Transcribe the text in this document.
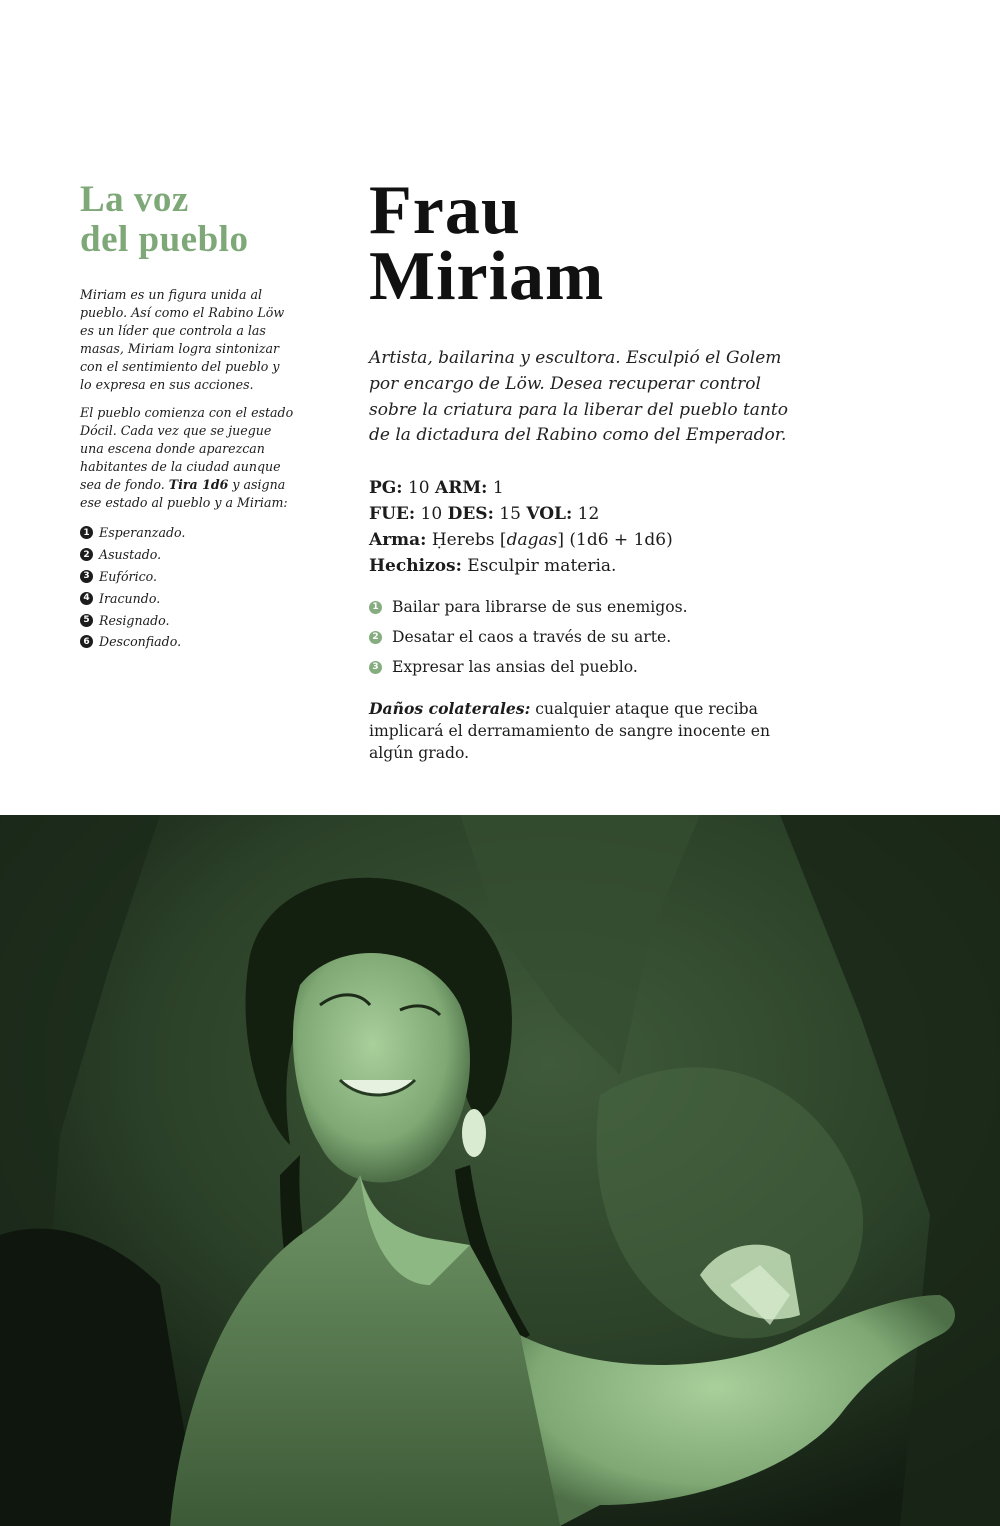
La voz
del pueblo

Miriam es un figura unida al pueblo. Así como el Rabino Löw es un líder que controla a las masas, Miriam logra sintonizar con el sentimiento del pueblo y lo expresa en sus acciones.

El pueblo comienza con el estado Dócil. Cada vez que se juegue una escena donde aparezcan habitantes de la ciudad aunque sea de fondo. Tira 1d6 y asigna ese estado al pueblo y a Miriam:

1 Esperanzado.
2 Asustado.
3 Eufórico.
4 Iracundo.
5 Resignado.
6 Desconfiado.
Frau
Miriam

Artista, bailarina y escultora. Esculpió el Golem por encargo de Löw. Desea recuperar control sobre la criatura para la liberar del pueblo tanto de la dictadura del Rabino como del Emperador.

PG: 10 ARM: 1
FUE: 10 DES: 15 VOL: 12
Arma: Ḥerebs [dagas] (1d6 + 1d6)
Hechizos: Esculpir materia.
1 Bailar para librarse de sus enemigos.
2 Desatar el caos a través de su arte.
3 Expresar las ansias del pueblo.

Daños colaterales: cualquier ataque que reciba implicará el derramamiento de sangre inocente en algún grado.
